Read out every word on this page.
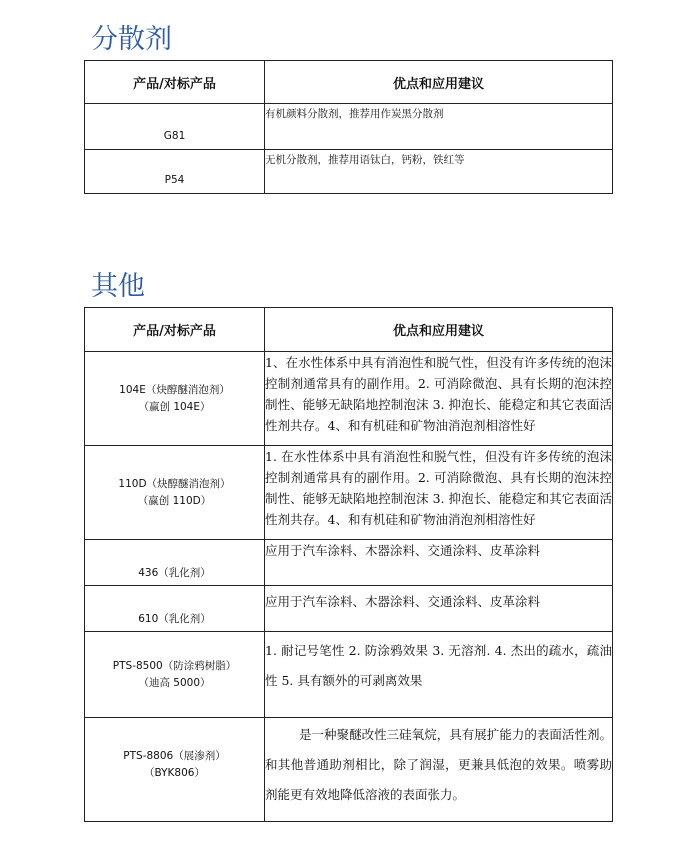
分散剂
产品/对标产品	优点和应用建议
G81	有机颜料分散剂，推荐用作炭黑分散剂
P54	无机分散剂，推荐用语钛白，钙粉，铁红等
其他
产品/对标产品	优点和应用建议

104E（炔醇醚消泡剂）
（赢创 104E）	1、在水性体系中具有消泡性和脱气性，但没有许多传统的泡沫控制剂通常具有的副作用。2. 可消除微泡、具有长期的泡沫控制性、能够无缺陷地控制泡沫 3. 抑泡长、能稳定和其它表面活性剂共存。4、和有机硅和矿物油消泡剂相溶性好

110D（炔醇醚消泡剂）
（赢创 110D）	1. 在水性体系中具有消泡性和脱气性，但没有许多传统的泡沫控制剂通常具有的副作用。2. 可消除微泡、具有长期的泡沫控制性、能够无缺陷地控制泡沫 3. 抑泡长、能稳定和其它表面活性剂共存。4、和有机硅和矿物油消泡剂相溶性好
436（乳化剂）	应用于汽车涂料、木器涂料、交通涂料、皮革涂料
610（乳化剂）	应用于汽车涂料、木器涂料、交通涂料、皮革涂料

PTS-8500（防涂鸦树脂）
（迪高 5000）	1. 耐记号笔性 2. 防涂鸦效果 3. 无溶剂. 4. 杰出的疏水，疏油性 5. 具有额外的可剥离效果

PTS-8806（展渗剂）
（BYK806）	是一种聚醚改性三硅氧烷，具有展扩能力的表面活性剂。和其他普通助剂相比，除了润湿，更兼具低泡的效果。喷雾助剂能更有效地降低溶液的表面张力。
